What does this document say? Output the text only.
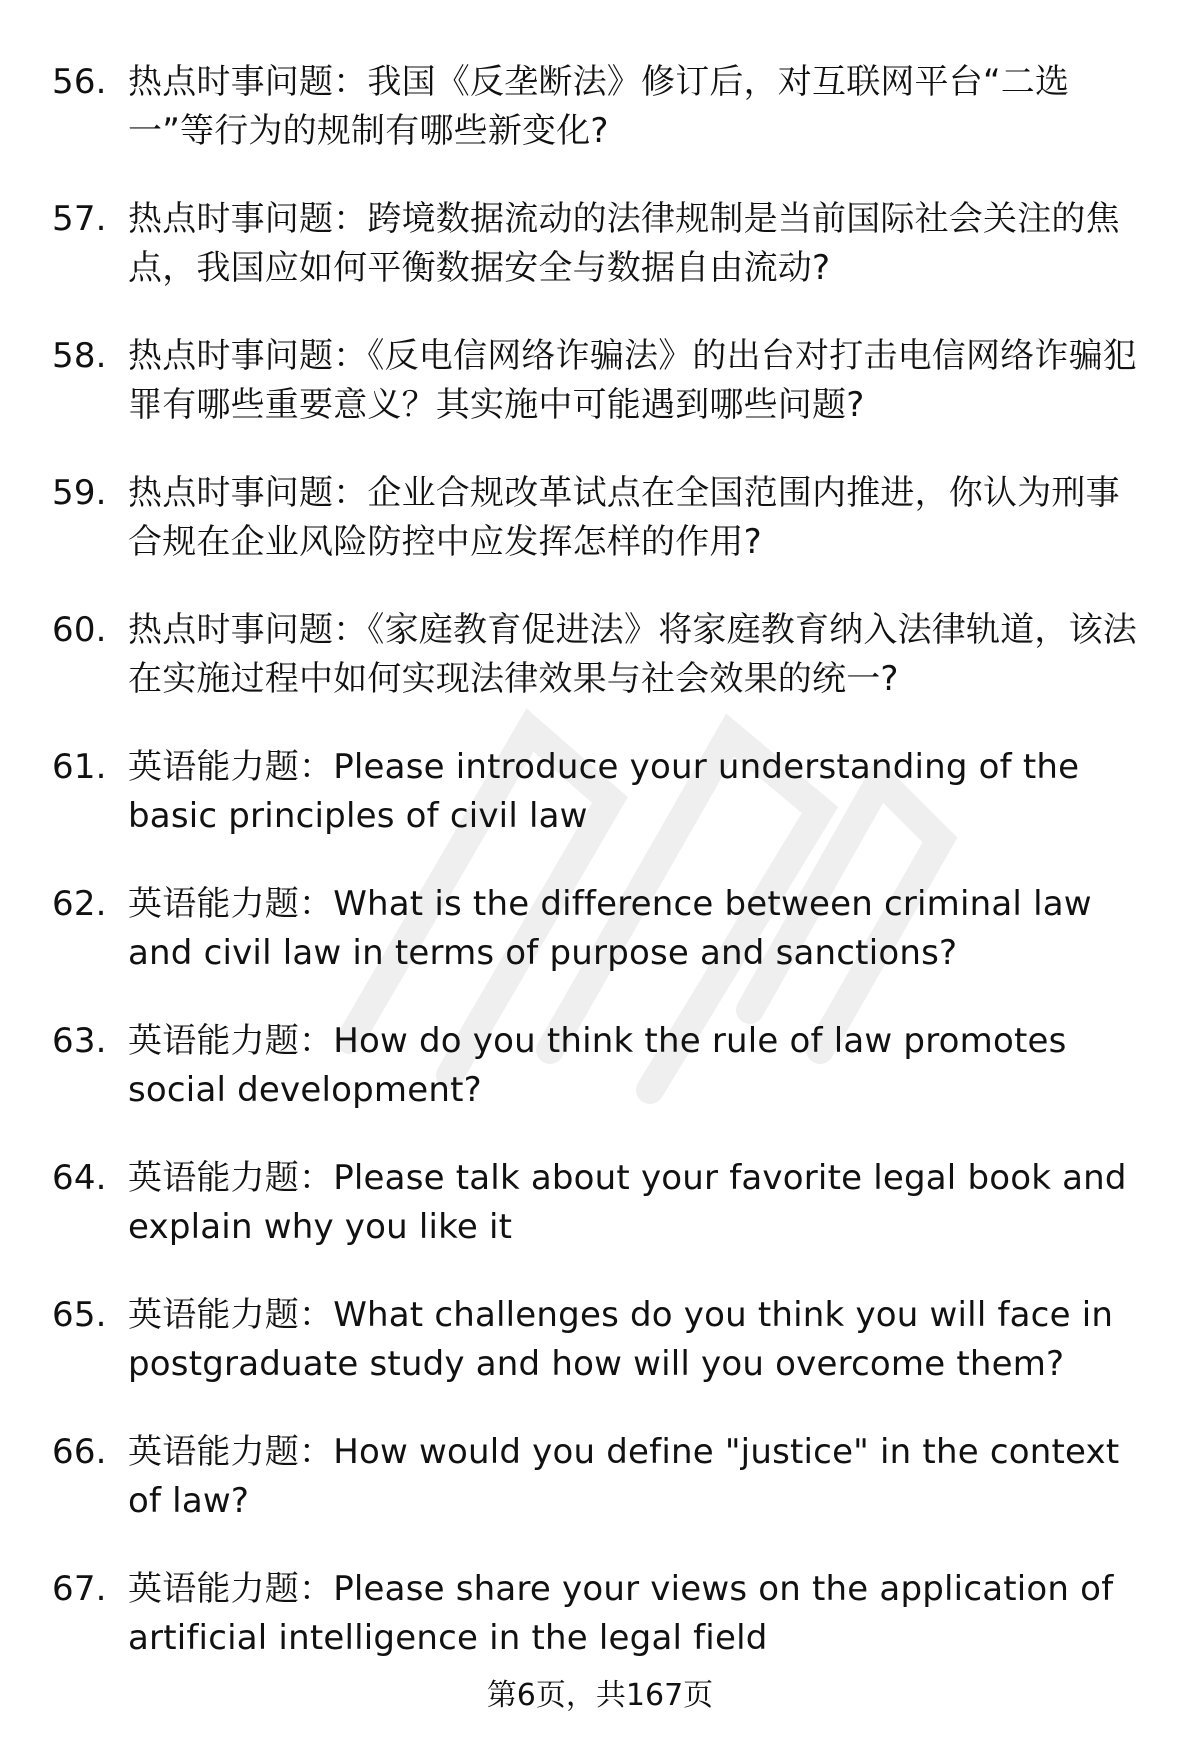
56. 热点时事问题：我国《反垄断法》修订后，对互联网平台“二选一”等行为的规制有哪些新变化?
57. 热点时事问题：跨境数据流动的法律规制是当前国际社会关注的焦点，我国应如何平衡数据安全与数据自由流动?
58. 热点时事问题：《反电信网络诈骗法》的出台对打击电信网络诈骗犯罪有哪些重要意义？其实施中可能遇到哪些问题?
59. 热点时事问题：企业合规改革试点在全国范围内推进，你认为刑事合规在企业风险防控中应发挥怎样的作用?
60. 热点时事问题：《家庭教育促进法》将家庭教育纳入法律轨道，该法在实施过程中如何实现法律效果与社会效果的统一?
61. 英语能力题：Please introduce your understanding of the basic principles of civil law
62. 英语能力题：What is the difference between criminal law and civil law in terms of purpose and sanctions?
63. 英语能力题：How do you think the rule of law promotes social development?
64. 英语能力题：Please talk about your favorite legal book and explain why you like it
65. 英语能力题：What challenges do you think you will face in postgraduate study and how will you overcome them?
66. 英语能力题：How would you define "justice" in the context of law?
67. 英语能力题：Please share your views on the application of artificial intelligence in the legal field
第6页，共167页
